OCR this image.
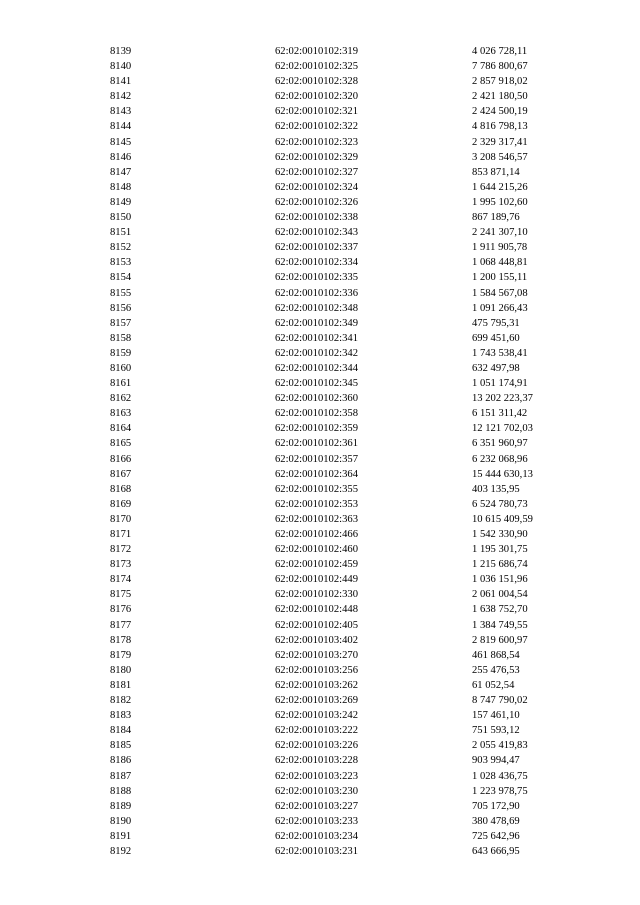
8139	62:02:0010102:319	4 026 728,11
8140	62:02:0010102:325	7 786 800,67
8141	62:02:0010102:328	2 857 918,02
8142	62:02:0010102:320	2 421 180,50
8143	62:02:0010102:321	2 424 500,19
8144	62:02:0010102:322	4 816 798,13
8145	62:02:0010102:323	2 329 317,41
8146	62:02:0010102:329	3 208 546,57
8147	62:02:0010102:327	853 871,14
8148	62:02:0010102:324	1 644 215,26
8149	62:02:0010102:326	1 995 102,60
8150	62:02:0010102:338	867 189,76
8151	62:02:0010102:343	2 241 307,10
8152	62:02:0010102:337	1 911 905,78
8153	62:02:0010102:334	1 068 448,81
8154	62:02:0010102:335	1 200 155,11
8155	62:02:0010102:336	1 584 567,08
8156	62:02:0010102:348	1 091 266,43
8157	62:02:0010102:349	475 795,31
8158	62:02:0010102:341	699 451,60
8159	62:02:0010102:342	1 743 538,41
8160	62:02:0010102:344	632 497,98
8161	62:02:0010102:345	1 051 174,91
8162	62:02:0010102:360	13 202 223,37
8163	62:02:0010102:358	6 151 311,42
8164	62:02:0010102:359	12 121 702,03
8165	62:02:0010102:361	6 351 960,97
8166	62:02:0010102:357	6 232 068,96
8167	62:02:0010102:364	15 444 630,13
8168	62:02:0010102:355	403 135,95
8169	62:02:0010102:353	6 524 780,73
8170	62:02:0010102:363	10 615 409,59
8171	62:02:0010102:466	1 542 330,90
8172	62:02:0010102:460	1 195 301,75
8173	62:02:0010102:459	1 215 686,74
8174	62:02:0010102:449	1 036 151,96
8175	62:02:0010102:330	2 061 004,54
8176	62:02:0010102:448	1 638 752,70
8177	62:02:0010102:405	1 384 749,55
8178	62:02:0010103:402	2 819 600,97
8179	62:02:0010103:270	461 868,54
8180	62:02:0010103:256	255 476,53
8181	62:02:0010103:262	61 052,54
8182	62:02:0010103:269	8 747 790,02
8183	62:02:0010103:242	157 461,10
8184	62:02:0010103:222	751 593,12
8185	62:02:0010103:226	2 055 419,83
8186	62:02:0010103:228	903 994,47
8187	62:02:0010103:223	1 028 436,75
8188	62:02:0010103:230	1 223 978,75
8189	62:02:0010103:227	705 172,90
8190	62:02:0010103:233	380 478,69
8191	62:02:0010103:234	725 642,96
8192	62:02:0010103:231	643 666,95
